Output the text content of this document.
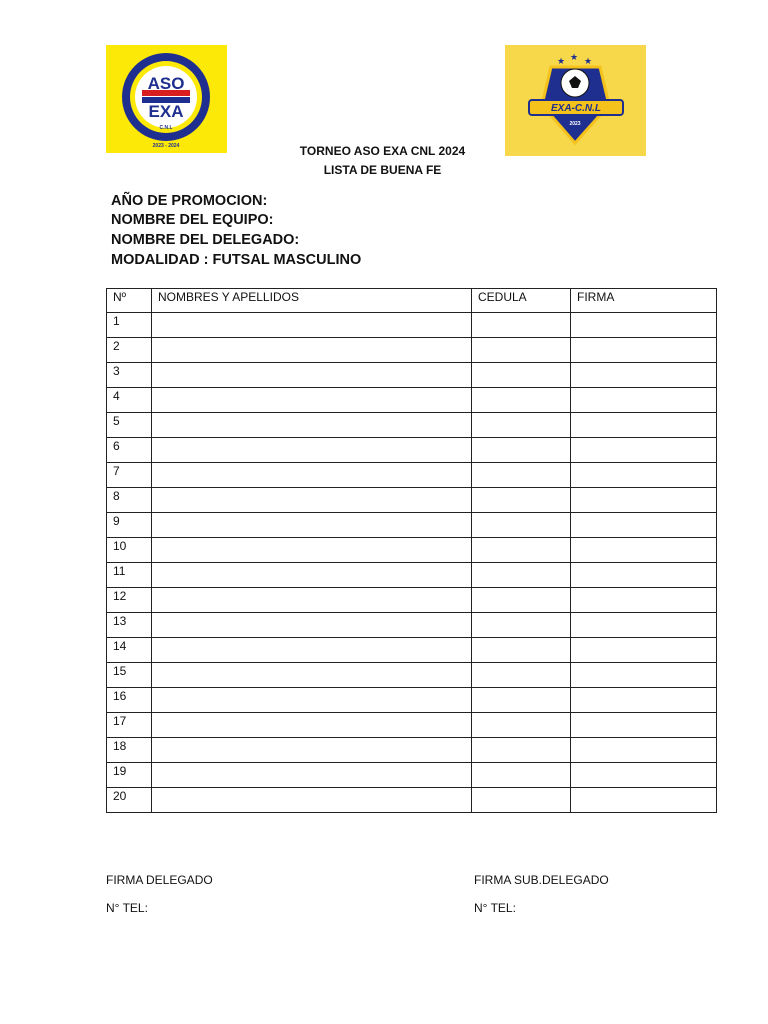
ASO
EXA
C.N.L
2023 - 2024
★ ★ ★
EXA-C.N.L
2023
TORNEO ASO EXA CNL 2024
LISTA DE BUENA FE
AÑO DE PROMOCION:
NOMBRE DEL EQUIPO:
NOMBRE DEL DELEGADO:
MODALIDAD : FUTSAL MASCULINO
Nº	NOMBRES Y APELLIDOS	CEDULA	FIRMA
1			
2			
3			
4			
5			
6			
7			
8			
9			
10			
11			
12			
13			
14			
15			
16			
17			
18			
19			
20			
FIRMA DELEGADO	FIRMA SUB.DELEGADO
N° TEL:	N° TEL:
